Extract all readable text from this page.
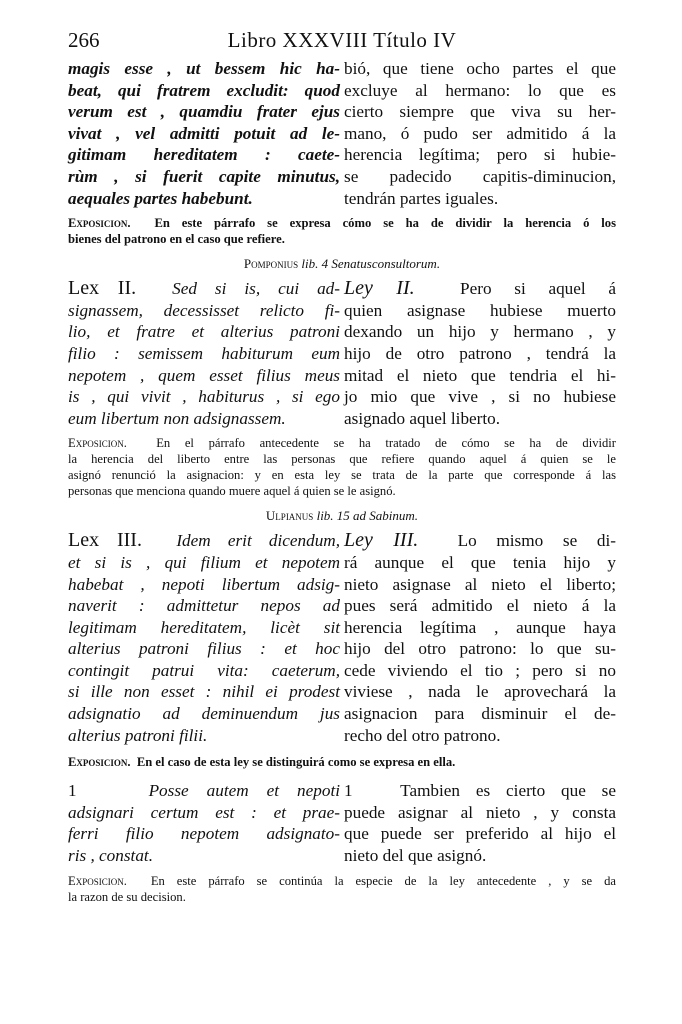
266	Libro XXXVIII Título IV
magis esse , ut bessem hic ha-
beat, qui fratrem excludit: quod
verum est , quamdiu frater ejus
vivat , vel admitti potuit ad le-
gitimam hereditatem : caete-
rùm , si fuerit capite minutus,
aequales partes habebunt.
bió, que tiene ocho partes el que
excluye al hermano: lo que es
cierto siempre que viva su her-
mano, ó pudo ser admitido á la
herencia legítima; pero si hubie-
se padecido capitis-diminucion,
tendrán partes iguales.
Exposicion. En este párrafo se expresa cómo se ha de dividir la herencia ó los
bienes del patrono en el caso que refiere.
Pomponius lib. 4 Senatusconsultorum.
Lex II. Sed si is, cui ad-
signassem, decessisset relicto fi-
lio, et fratre et alterius patroni
filio : semissem habiturum eum
nepotem , quem esset filius meus
is , qui vivit , habiturus , si ego
eum libertum non adsignassem.
Ley II.	Pero si aquel á
quien asignase hubiese muerto
dexando un hijo y hermano , y
hijo de otro patrono , tendrá la
mitad el nieto que tendria el hi-
jo mio que vive , si no hubiese
asignado aquel liberto.
Exposicion. En el párrafo antecedente se ha tratado de cómo se ha de dividir
la herencia del liberto entre las personas que refiere quando aquel á quien se le
asignó renunció la asignacion: y en esta ley se trata de la parte que corresponde á las
personas que menciona quando muere aquel á quien se le asignó.
Ulpianus lib. 15 ad Sabinum.
Lex III. Idem erit dicendum,
et si is , qui filium et nepotem
habebat , nepoti libertum adsig-
naverit : admittetur nepos ad
legitimam hereditatem, licèt sit
alterius patroni filius : et hoc
contingit patrui vita: caeterum,
si ille non esset : nihil ei prodest
adsignatio ad deminuendum jus
alterius patroni filii.
Ley III. Lo mismo se di-
rá aunque el que tenia hijo y
nieto asignase al nieto el liberto;
pues será admitido el nieto á la
herencia legítima , aunque haya
hijo del otro patrono: lo que su-
cede viviendo el tio ; pero si no
viviese , nada le aprovechará la
asignacion para disminuir el de-
recho del otro patrono.
Exposicion. En el caso de esta ley se distinguirá como se expresa en ella.
1	Posse autem et nepoti
adsignari certum est : et prae-
ferri filio nepotem adsignato-
ris , constat.
1	Tambien es cierto que se
puede asignar al nieto , y consta
que puede ser preferido al hijo el
nieto del que asignó.
Exposicion. En este párrafo se continúa la especie de la ley antecedente , y se da
la razon de su decision.
